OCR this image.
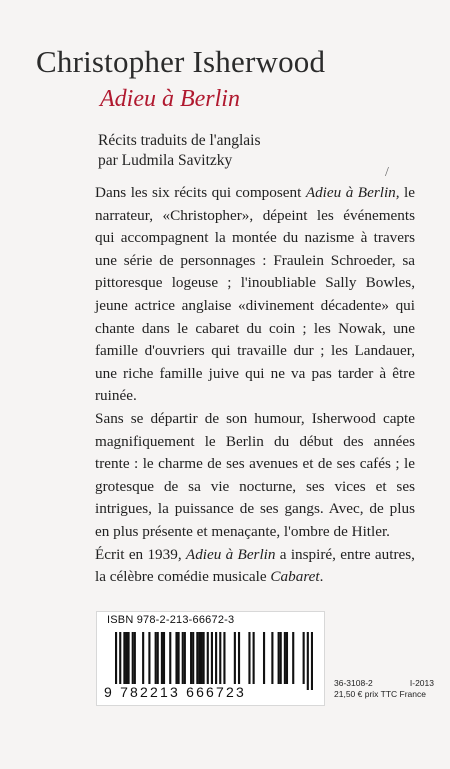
Christopher Isherwood
Adieu à Berlin
Récits traduits de l'anglais
par Ludmila Savitzky
/

Dans les six récits qui composent Adieu à Berlin, le narrateur, «Christopher», dépeint les événements qui accompagnent la montée du nazisme à travers une série de personnages : Fraulein Schroeder, sa pittoresque logeuse ; l'inoubliable Sally Bowles, jeune actrice anglaise «divinement décadente» qui chante dans le cabaret du coin ; les Nowak, une famille d'ouvriers qui travaille dur ; les Landauer, une riche famille juive qui ne va pas tarder à être ruinée.

Sans se départir de son humour, Isherwood capte magnifiquement le Berlin du début des années trente : le charme de ses avenues et de ses cafés ; le grotesque de sa vie nocturne, ses vices et ses intrigues, la puissance de ses gangs. Avec, de plus en plus présente et menaçante, l'ombre de Hitler.

Écrit en 1939, Adieu à Berlin a inspiré, entre autres, la célèbre comédie musicale Cabaret.

ISBN 978-2-213-66672-3
9 782213 666723
36-3108-2	I-2013
21,50 € prix TTC France
